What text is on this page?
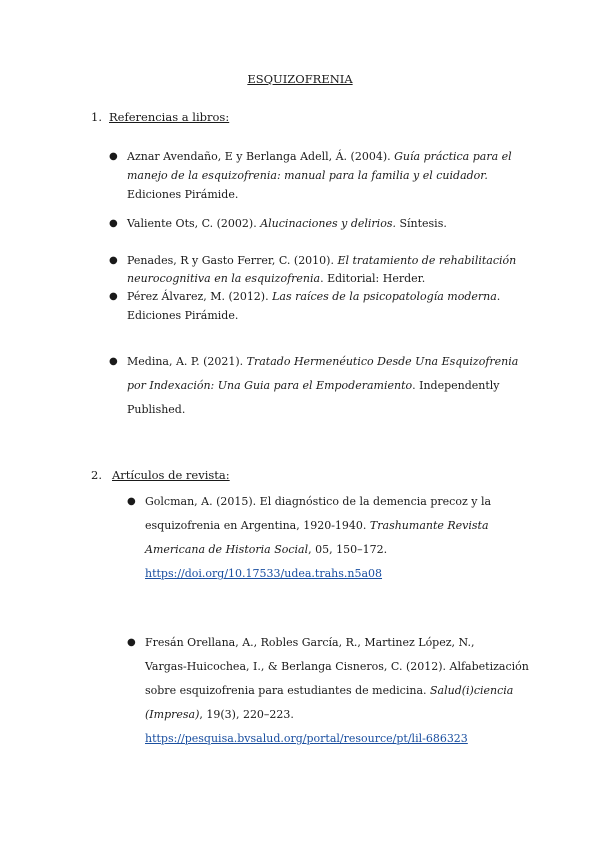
ESQUIZOFRENIA
1. Referencias a libros:
● Aznar Avendaño, E y Berlanga Adell, Á. (2004). Guía práctica para el
manejo de la esquizofrenia: manual para la familia y el cuidador.
Ediciones Pirámide.
● Valiente Ots, C. (2002). Alucinaciones y delirios. Síntesis.
● Penades, R y Gasto Ferrer, C. (2010). El tratamiento de rehabilitación
neurocognitiva en la esquizofrenia. Editorial: Herder.
● Pérez Álvarez, M. (2012). Las raíces de la psicopatología moderna.
Ediciones Pirámide.
● Medina, A. P. (2021). Tratado Hermenéutico Desde Una Esquizofrenia
por Indexación: Una Guia para el Empoderamiento. Independently
Published.
2. Artículos de revista:
● Golcman, A. (2015). El diagnóstico de la demencia precoz y la
esquizofrenia en Argentina, 1920-1940. Trashumante Revista
Americana de Historia Social, 05, 150–172.
https://doi.org/10.17533/udea.trahs.n5a08
● Fresán Orellana, A., Robles García, R., Martinez López, N.,
Vargas-Huicochea, I., & Berlanga Cisneros, C. (2012). Alfabetización
sobre esquizofrenia para estudiantes de medicina. Salud(i)ciencia
(Impresa), 19(3), 220–223.
https://pesquisa.bvsalud.org/portal/resource/pt/lil-686323
